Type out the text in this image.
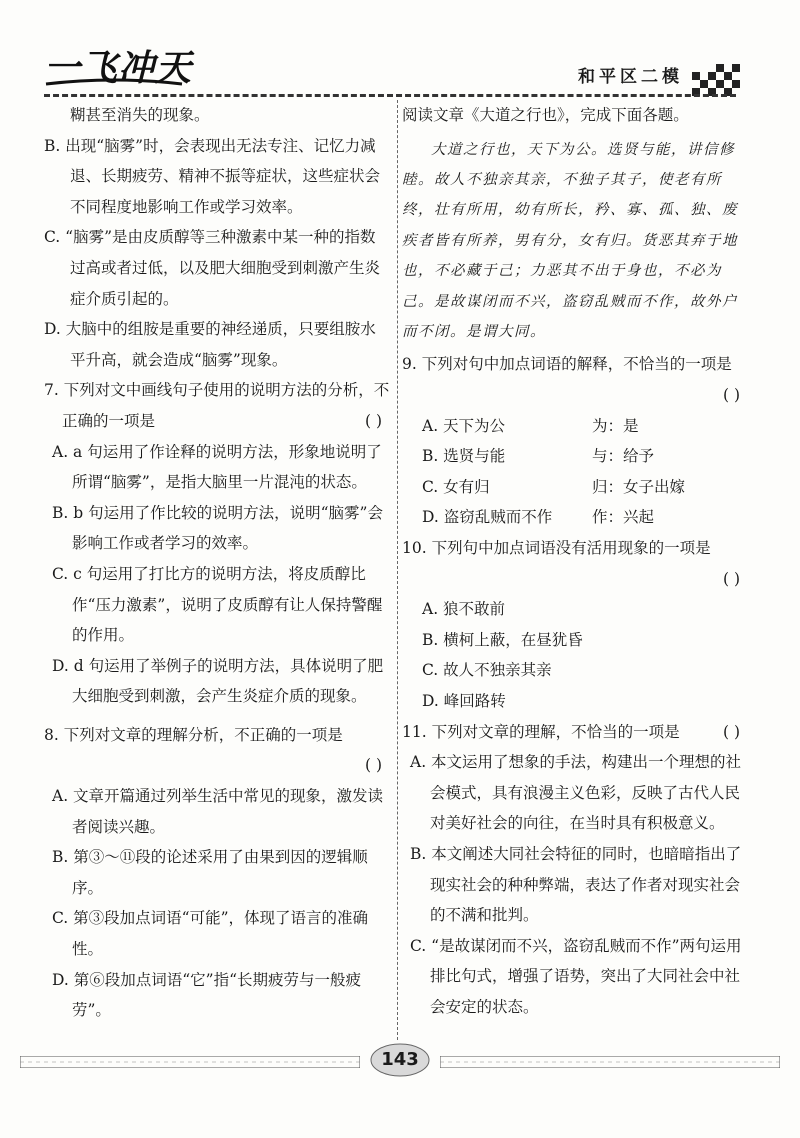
一飞冲天	和平区二模

糊甚至消失的现象。

B. 出现“脑雾”时，会表现出无法专注、记忆力减退、长期疲劳、精神不振等症状，这些症状会不同程度地影响工作或学习效率。

C. “脑雾”是由皮质醇等三种激素中某一种的指数过高或者过低，以及肥大细胞受到刺激产生炎症介质引起的。

D. 大脑中的组胺是重要的神经递质，只要组胺水平升高，就会造成“脑雾”现象。

7. 下列对文中画线句子使用的说明方法的分析，不正确的一项是	( )

A. a 句运用了作诠释的说明方法，形象地说明了所谓“脑雾”，是指大脑里一片混沌的状态。

B. b 句运用了作比较的说明方法，说明“脑雾”会影响工作或者学习的效率。

C. c 句运用了打比方的说明方法，将皮质醇比作“压力激素”，说明了皮质醇有让人保持警醒的作用。

D. d 句运用了举例子的说明方法，具体说明了肥大细胞受到刺激，会产生炎症介质的现象。

8. 下列对文章的理解分析，不正确的一项是

( )

A. 文章开篇通过列举生活中常见的现象，激发读者阅读兴趣。

B. 第③～⑪段的论述采用了由果到因的逻辑顺序。

C. 第③段加点词语“可能”，体现了语言的准确性。

D. 第⑥段加点词语“它”指“长期疲劳与一般疲劳”。

阅读文章《大道之行也》，完成下面各题。

大道之行也，天下为公。选贤与能，讲信修睦。故人不独亲其亲，不独子其子，使老有所终，壮有所用，幼有所长，矜、寡、孤、独、废疾者皆有所养，男有分，女有归。货恶其弃于地也，不必藏于己；力恶其不出于身也，不必为己。是故谋闭而不兴，盗窃乱贼而不作，故外户而不闭。是谓大同。

9. 下列对句中加点词语的解释，不恰当的一项是

( )

A. 天下为公	为：是
B. 选贤与能	与：给予
C. 女有归	归：女子出嫁
D. 盗窃乱贼而不作	作：兴起

10. 下列句中加点词语没有活用现象的一项是

( )

A. 狼不敢前

B. 横柯上蔽，在昼犹昏

C. 故人不独亲其亲

D. 峰回路转

11. 下列对文章的理解，不恰当的一项是	( )

A. 本文运用了想象的手法，构建出一个理想的社会模式，具有浪漫主义色彩，反映了古代人民对美好社会的向往，在当时具有积极意义。

B. 本文阐述大同社会特征的同时，也暗暗指出了现实社会的种种弊端，表达了作者对现实社会的不满和批判。

C. “是故谋闭而不兴，盗窃乱贼而不作”两句运用排比句式，增强了语势，突出了大同社会中社会安定的状态。

143
